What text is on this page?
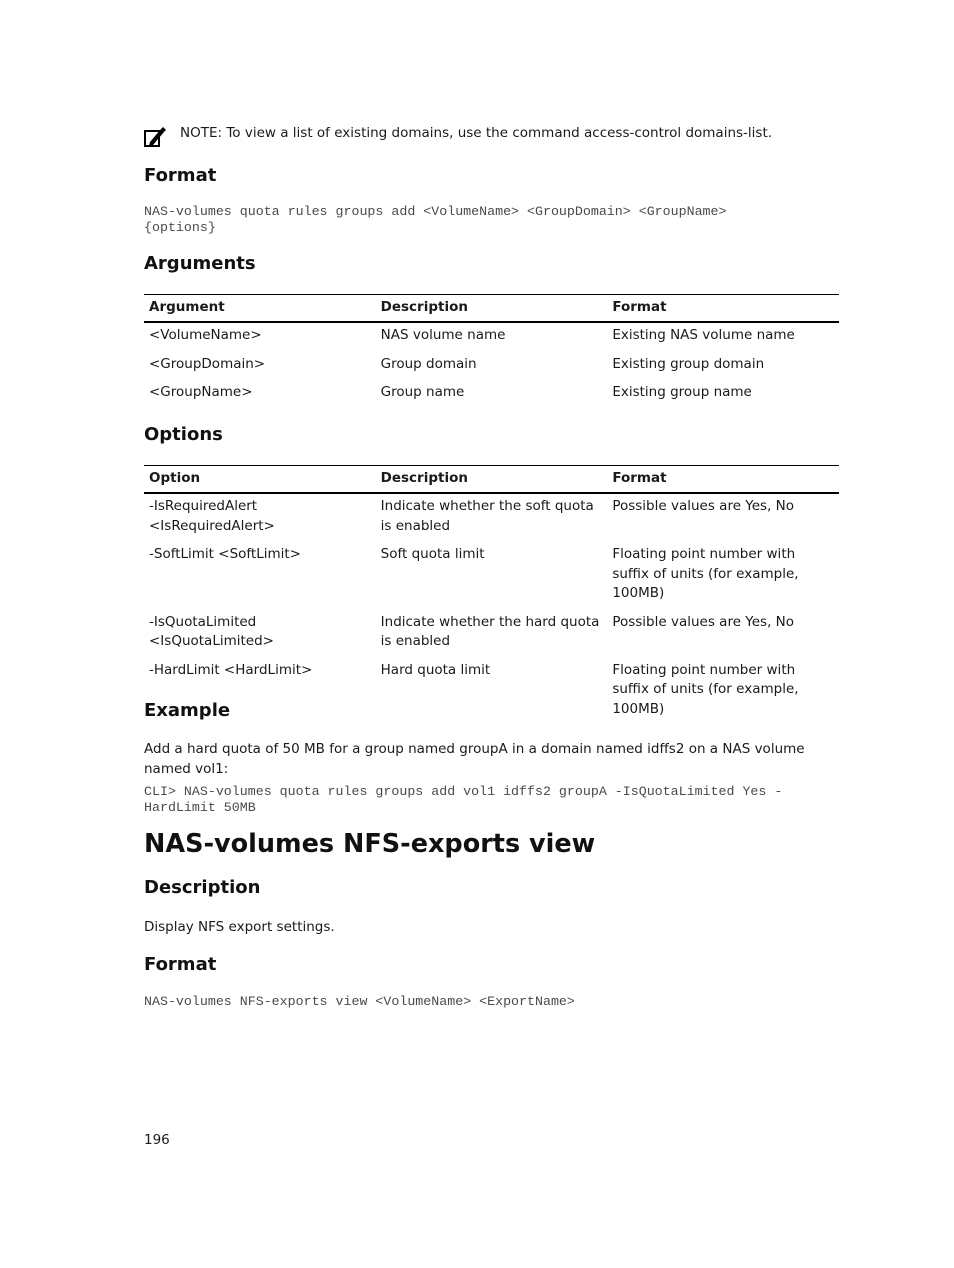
NOTE: To view a list of existing domains, use the command access-control domains-list.
Format
NAS-volumes quota rules groups add <VolumeName> <GroupDomain> <GroupName>
{options}
Arguments
Argument	Description	Format
<VolumeName>	NAS volume name	Existing NAS volume name
<GroupDomain>	Group domain	Existing group domain
<GroupName>	Group name	Existing group name
Options
Option	Description	Format
-IsRequiredAlert <IsRequiredAlert>	Indicate whether the soft quota is enabled	Possible values are Yes, No
-SoftLimit <SoftLimit>	Soft quota limit	Floating point number with suffix of units (for example, 100MB)
-IsQuotaLimited <IsQuotaLimited>	Indicate whether the hard quota is enabled	Possible values are Yes, No
-HardLimit <HardLimit>	Hard quota limit	Floating point number with suffix of units (for example, 100MB)
Example
Add a hard quota of 50 MB for a group named groupA in a domain named idffs2 on a NAS volume named vol1:
CLI> NAS-volumes quota rules groups add vol1 idffs2 groupA -IsQuotaLimited Yes -
HardLimit 50MB
NAS-volumes NFS-exports view
Description
Display NFS export settings.
Format
NAS-volumes NFS-exports view <VolumeName> <ExportName>
196
